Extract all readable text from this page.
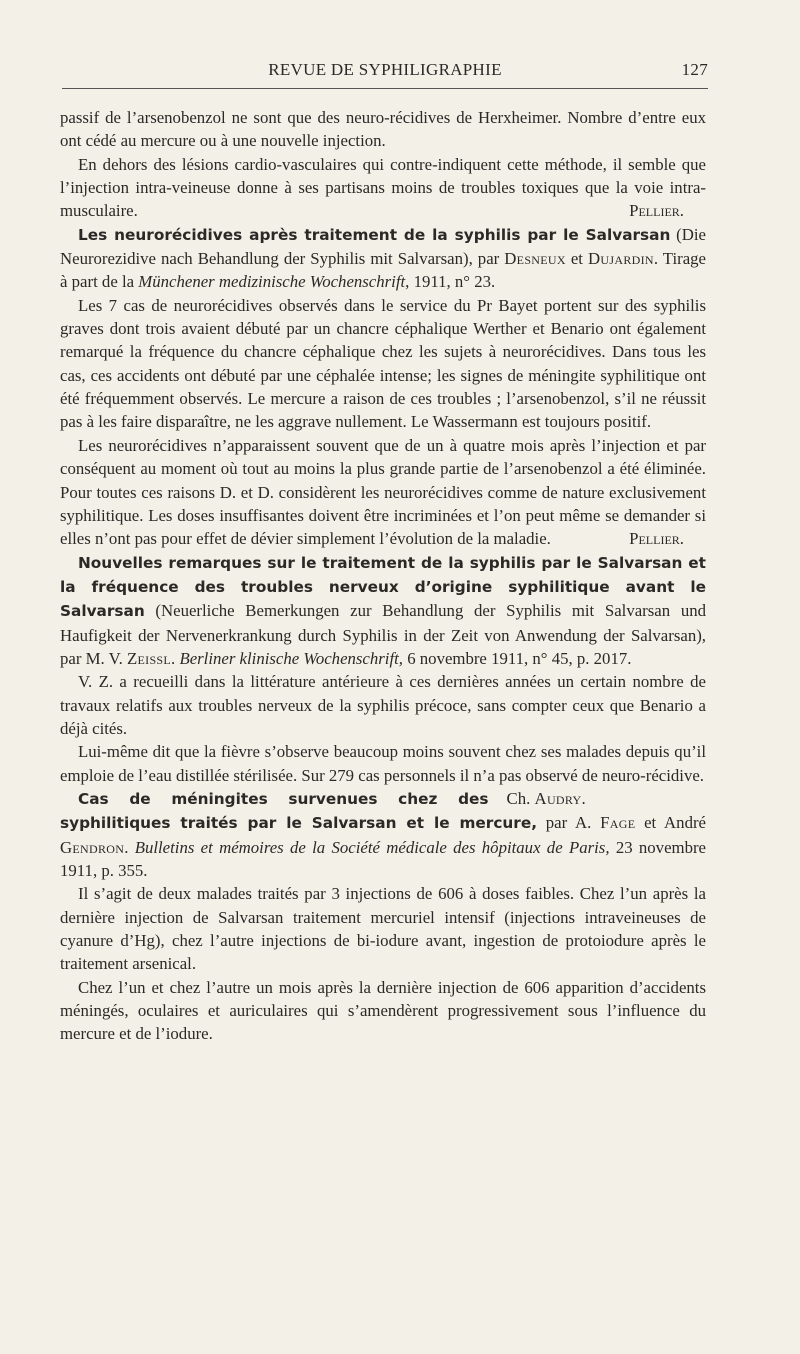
REVUE DE SYPHILIGRAPHIE	127

passif de l’arsenobenzol ne sont que des neuro-récidives de Herxheimer. Nombre d’entre eux ont cédé au mercure ou à une nouvelle injection.

En dehors des lésions cardio-vasculaires qui contre-indiquent cette méthode, il semble que l’injection intra-veineuse donne à ses partisans moins de troubles toxiques que la voie intra-musculaire.	Pellier.

Les neurorécidives après traitement de la syphilis par le Salvarsan (Die Neurorezidive nach Behandlung der Syphilis mit Salvarsan), par Desneux et Dujardin. Tirage à part de la Münchener medizinische Wochenschrift, 1911, n° 23.

Les 7 cas de neurorécidives observés dans le service du Pr Bayet portent sur des syphilis graves dont trois avaient débuté par un chancre céphalique Werther et Benario ont également remarqué la fréquence du chancre céphalique chez les sujets à neurorécidives. Dans tous les cas, ces accidents ont débuté par une céphalée intense; les signes de méningite syphilitique ont été fréquemment observés. Le mercure a raison de ces troubles ; l’arsenobenzol, s’il ne réussit pas à les faire disparaître, ne les aggrave nullement. Le Wassermann est toujours positif.

Les neurorécidives n’apparaissent souvent que de un à quatre mois après l’injection et par conséquent au moment où tout au moins la plus grande partie de l’arsenobenzol a été éliminée. Pour toutes ces raisons D. et D. considèrent les neurorécidives comme de nature exclusivement syphilitique. Les doses insuffisantes doivent être incriminées et l’on peut même se demander si elles n’ont pas pour effet de dévier simplement l’évolution de la maladie.	Pellier.

Nouvelles remarques sur le traitement de la syphilis par le Salvarsan et la fréquence des troubles nerveux d’origine syphilitique avant le Salvarsan (Neuerliche Bemerkungen zur Behandlung der Syphilis mit Salvarsan und Haufigkeit der Nervenerkrankung durch Syphilis in der Zeit von Anwendung der Salvarsan), par M. V. Zeissl. Berliner klinische Wochenschrift, 6 novembre 1911, n° 45, p. 2017.

V. Z. a recueilli dans la littérature antérieure à ces dernières années un certain nombre de travaux relatifs aux troubles nerveux de la syphilis précoce, sans compter ceux que Benario a déjà cités.

Lui-même dit que la fièvre s’observe beaucoup moins souvent chez ses malades depuis qu’il emploie de l’eau distillée stérilisée. Sur 279 cas personnels il n’a pas observé de neuro-récidive.
Ch. Audry.

Cas de méningites survenues chez des syphilitiques traités par le Salvarsan et le mercure, par A. Fage et André Gendron. Bulletins et mémoires de la Société médicale des hôpitaux de Paris, 23 novembre 1911, p. 355.

Il s’agit de deux malades traités par 3 injections de 606 à doses faibles. Chez l’un après la dernière injection de Salvarsan traitement mercuriel intensif (injections intraveineuses de cyanure d’Hg), chez l’autre injections de bi-iodure avant, ingestion de protoiodure après le traitement arsenical.

Chez l’un et chez l’autre un mois après la dernière injection de 606 apparition d’accidents méningés, oculaires et auriculaires qui s’amendèrent progressivement sous l’influence du mercure et de l’iodure.
